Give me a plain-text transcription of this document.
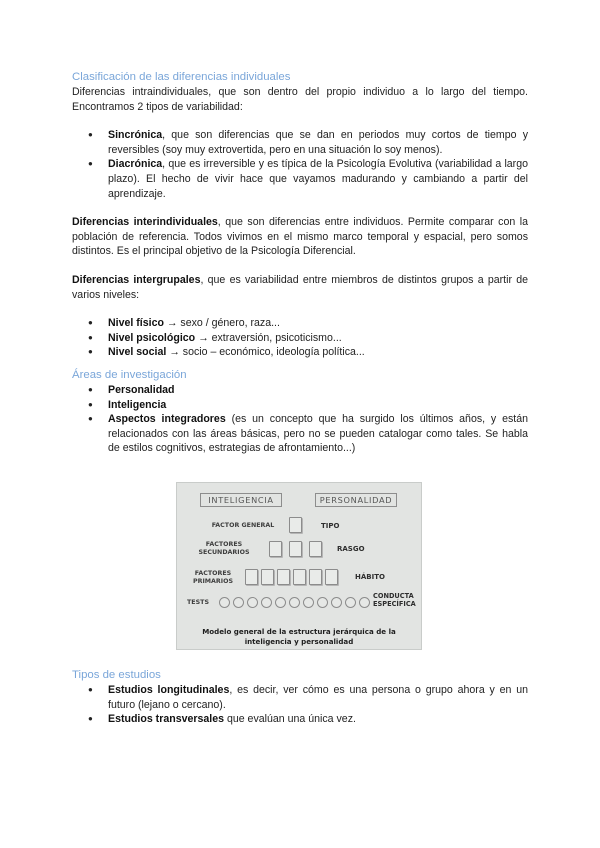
Clasificación de las diferencias individuales

Diferencias intraindividuales, que son dentro del propio individuo a lo largo del tiempo. Encontramos 2 tipos de variabilidad:

● Sincrónica, que son diferencias que se dan en periodos muy cortos de tiempo y reversibles (soy muy extrovertida, pero en una situación lo soy menos).
● Diacrónica, que es irreversible y es típica de la Psicología Evolutiva (variabilidad a largo plazo). El hecho de vivir hace que vayamos madurando y cambiando a partir del aprendizaje.

Diferencias interindividuales, que son diferencias entre individuos. Permite comparar con la población de referencia. Todos vivimos en el mismo marco temporal y espacial, pero somos distintos. Es el principal objetivo de la Psicología Diferencial.

Diferencias intergrupales, que es variabilidad entre miembros de distintos grupos a partir de varios niveles:

● Nivel físico → sexo / género, raza...
● Nivel psicológico → extraversión, psicoticismo...
● Nivel social → socio – económico, ideología política...
Áreas de investigación
● Personalidad
● Inteligencia
● Aspectos integradores (es un concepto que ha surgido los últimos años, y están relacionados con las áreas básicas, pero no se pueden catalogar como tales. Se habla de estilos cognitivos, estrategias de afrontamiento...)
INTELIGENCIA	PERSONALIDAD
FACTOR GENERAL	TIPO
FACTORES SECUNDARIOS	RASGO
FACTORES PRIMARIOS	HÁBITO
TESTS
CONDUCTA ESPECÍFICA
Modelo general de la estructura jerárquica de la inteligencia y personalidad
Tipos de estudios
● Estudios longitudinales, es decir, ver cómo es una persona o grupo ahora y en un futuro (lejano o cercano).
● Estudios transversales que evalúan una única vez.
